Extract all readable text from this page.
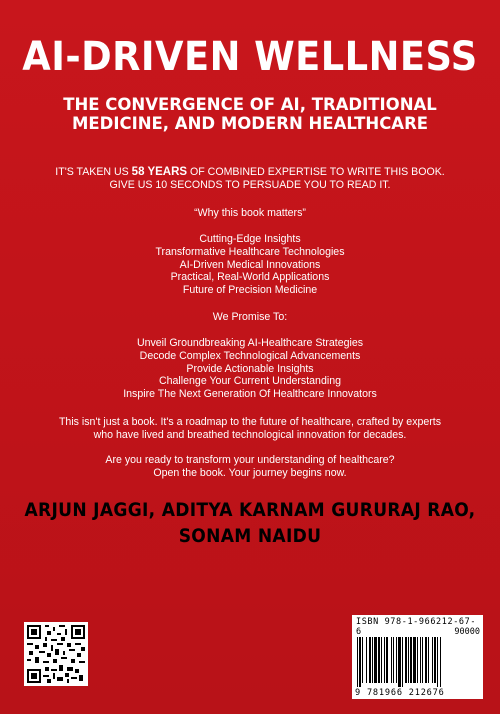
AI-DRIVEN WELLNESS
THE CONVERGENCE OF AI, TRADITIONAL
MEDICINE, AND MODERN HEALTHCARE
IT'S TAKEN US 58 YEARS OF COMBINED EXPERTISE TO WRITE THIS BOOK.
GIVE US 10 SECONDS TO PERSUADE YOU TO READ IT.
“Why this book matters”
Cutting-Edge Insights
Transformative Healthcare Technologies
AI-Driven Medical Innovations
Practical, Real-World Applications
Future of Precision Medicine
We Promise To:
Unveil Groundbreaking AI-Healthcare Strategies
Decode Complex Technological Advancements
Provide Actionable Insights
Challenge Your Current Understanding
Inspire The Next Generation Of Healthcare Innovators
This isn't just a book. It's a roadmap to the future of healthcare, crafted by experts
who have lived and breathed technological innovation for decades.
Are you ready to transform your understanding of healthcare?
Open the book. Your journey begins now.
ARJUN JAGGI, ADITYA KARNAM GURURAJ RAO,
SONAM NAIDU
ISBN 978-1-966212-67-6	90000
9 781966 212676
